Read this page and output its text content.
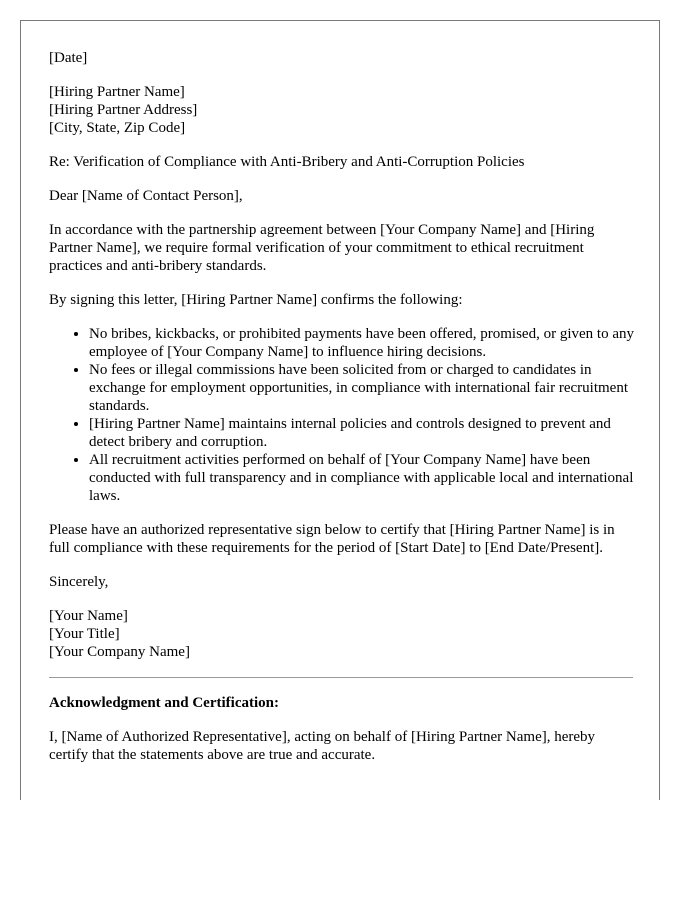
[Date]

[Hiring Partner Name]
[Hiring Partner Address]
[City, State, Zip Code]

Re: Verification of Compliance with Anti-Bribery and Anti-Corruption Policies

Dear [Name of Contact Person],

In accordance with the partnership agreement between [Your Company Name] and [Hiring Partner Name], we require formal verification of your commitment to ethical recruitment practices and anti-bribery standards.

By signing this letter, [Hiring Partner Name] confirms the following:

• No bribes, kickbacks, or prohibited payments have been offered, promised, or given to any employee of [Your Company Name] to influence hiring decisions.
• No fees or illegal commissions have been solicited from or charged to candidates in exchange for employment opportunities, in compliance with international fair recruitment standards.
• [Hiring Partner Name] maintains internal policies and controls designed to prevent and detect bribery and corruption.
• All recruitment activities performed on behalf of [Your Company Name] have been conducted with full transparency and in compliance with applicable local and international laws.

Please have an authorized representative sign below to certify that [Hiring Partner Name] is in full compliance with these requirements for the period of [Start Date] to [End Date/Present].

Sincerely,

[Your Name]
[Your Title]
[Your Company Name]

Acknowledgment and Certification:

I, [Name of Authorized Representative], acting on behalf of [Hiring Partner Name], hereby certify that the statements above are true and accurate.
